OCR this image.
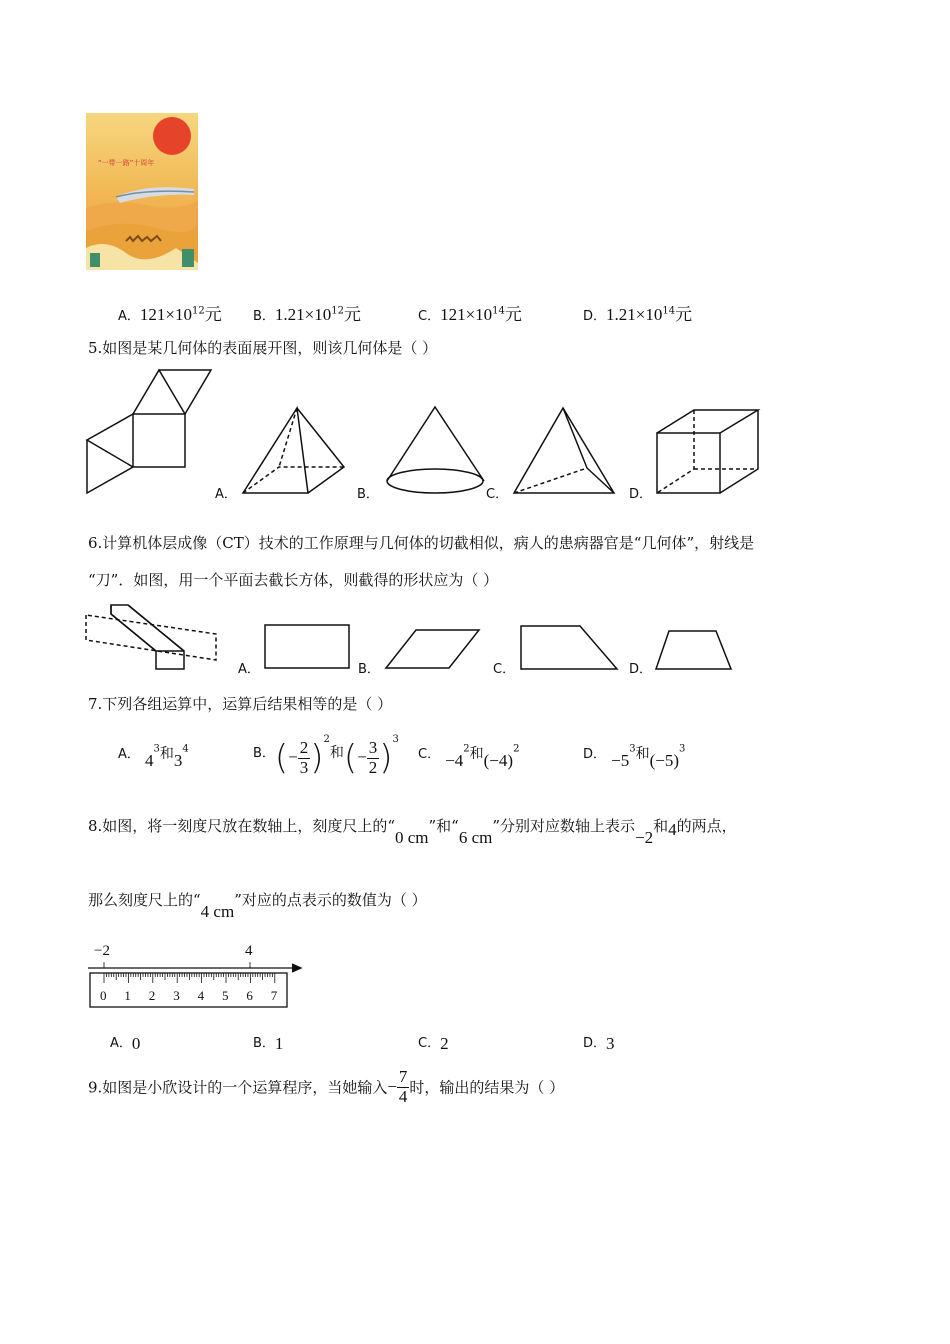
“一带一路”十周年
A．$121\times 10^{12}$元 B．$1.21\times 10^{12}$元	C．$121\times 10^{14}$元	D．$1.21\times 10^{14}$元
5.如图是某几何体的表面展开图，则该几何体是（ ）
A．	B．	C．	D．
6.计算机体层成像（CT）技术的工作原理与几何体的切截相似，病人的患病器官是“几何体”，射线是
“刀”．如图，用一个平面去截长方体，则截得的形状应为（ ）
A．	B．	C．	D．
7.下列各组运算中，运算后结果相等的是（ ）
$^{A.}$ $4^3$和$3^4$	$^{B.}(- \frac{2}{3} )^2$和(− $\frac{3}{2} )^3$
$^{C.} -4^2$和$(-4)^2$	$^{D.} -5^3$和$(-5)^3$
8.如图，将一刻度尺放在数轴上，刻度尺上的“0 cm”和“6 cm”分别对应数轴上表示−2和4的两点，
那么刻度尺上的“4 cm”对应的点表示的数值为（ ）
−2	4
0 1 2 3 4 5 6 7
A．0	B．1	C．2	D．3
9.如图是小欣设计的一个运算程序，当她输入− $\frac{7}{4}$ 时，输出的结果为（ ）
